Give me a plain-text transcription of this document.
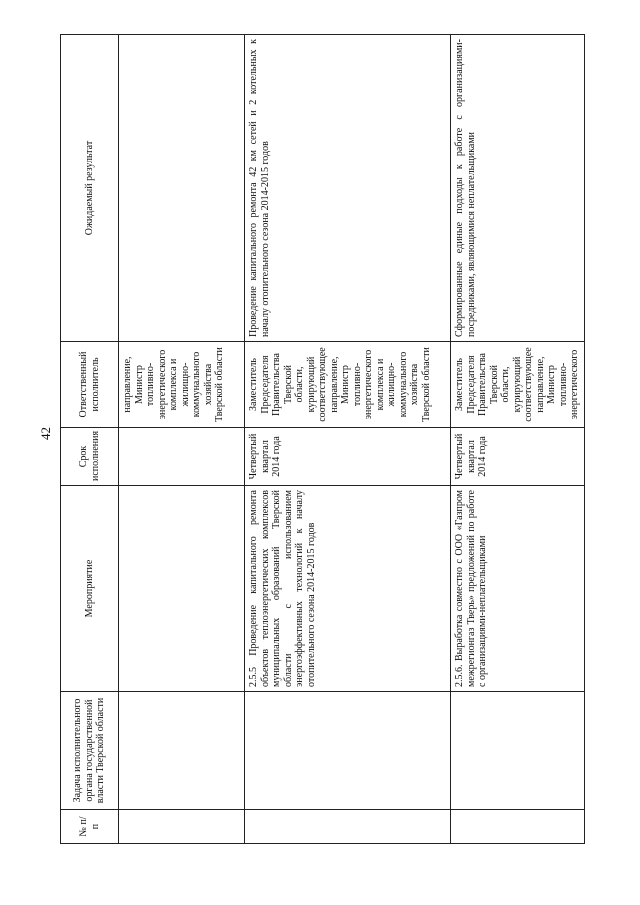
42
№ п/п	Задача исполнительного органа государственной власти Тверской области	Мероприятие	Срок исполнения	Ответственный исполнитель	Ожидаемый результат
				направление, Министр топливно-энергетического комплекса и жилищно-коммунального хозяйства Тверской области	
		2.5.5 Проведение капитального ремонта объектов теплоэнергетических комплексов муниципальных образований Тверской области с использованием энергоэффективных технологий к началу отопительного сезона 2014-2015 годов	Четвертый квартал 2014 года	Заместитель Председателя Правительства Тверской области, курирующий соответствующее направление, Министр топливно-энергетического комплекса и жилищно-коммунального хозяйства Тверской области	Проведение капитального ремонта 42 км сетей и 2 котельных к началу отопительного сезона 2014-2015 годов
		2.5.6. Выработка совместно с ООО «Газпром межрегионгаз Тверь» предложений по работе с организациями-неплательщиками	Четвертый квартал 2014 года	Заместитель Председателя Правительства Тверской области, курирующий соответствующее направление, Министр топливно-энергетического	Сформированные единые подходы к работе с организациями-посредниками, являющимися неплательщиками
